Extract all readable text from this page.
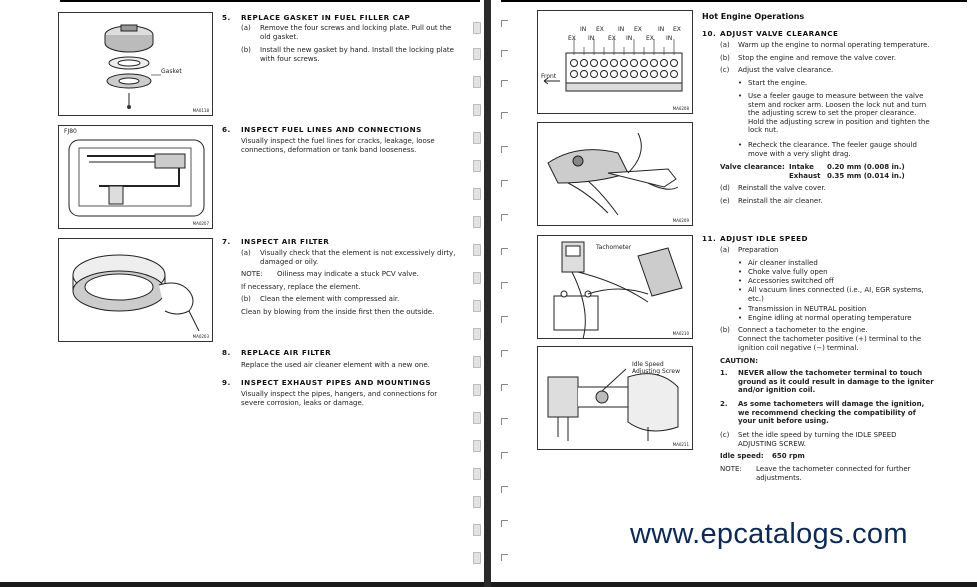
Gasket
MA0118
FJ80
MA0207
MA0203
5. REPLACE GASKET IN FUEL FILLER CAP
(a) Remove the four screws and locking plate. Pull out the old gasket.
(b) Install the new gasket by hand. Install the locking plate with four screws.
6. INSPECT FUEL LINES AND CONNECTIONS
Visually inspect the fuel lines for cracks, leakage, loose connections, deformation or tank band looseness.
7. INSPECT AIR FILTER
(a) Visually check that the element is not excessively dirty, damaged or oily.
NOTE: Oiliness may indicate a stuck PCV valve.
If necessary, replace the element.
(b) Clean the element with compressed air.
Clean by blowing from the inside first then the outside.
8. REPLACE AIR FILTER
Replace the used air cleaner element with a new one.
9. INSPECT EXHAUST PIPES AND MOUNTINGS
Visually inspect the pipes, hangers, and connections for severe corrosion, leaks or damage.
IN EX IN EX	IN EX
EX IN EX IN EX IN
Front
MA0208
MA0209
Tachometer
MA0210
Idle Speed Adjusting Screw
MA0211
Hot Engine Operations
10. ADJUST VALVE CLEARANCE
(a) Warm up the engine to normal operating temperature.
(b) Stop the engine and remove the valve cover.
(c) Adjust the valve clearance.
• Start the engine.
• Use a feeler gauge to measure between the valve stem and rocker arm. Loosen the lock nut and turn the adjusting screw to set the proper clearance. Hold the adjusting screw in position and tighten the lock nut.
• Recheck the clearance. The feeler gauge should move with a very slight drag.
Valve clearance: Intake 0.20 mm (0.008 in.)
Exhaust 0.35 mm (0.014 in.)
(d) Reinstall the valve cover.
(e) Reinstall the air cleaner.
11. ADJUST IDLE SPEED
(a) Preparation
• Air cleaner installed
• Choke valve fully open
• Accessories switched off
• All vacuum lines connected (i.e., AI, EGR systems, etc.)
• Transmission in NEUTRAL position
• Engine idling at normal operating temperature
(b) Connect a tachometer to the engine.
Connect the tachometer positive (+) terminal to the ignition coil negative (−) terminal.
CAUTION:
1. NEVER allow the tachometer terminal to touch ground as it could result in damage to the igniter and/or ignition coil.
2. As some tachometers will damage the ignition, we recommend checking the compatibility of your unit before using.
(c) Set the idle speed by turning the IDLE SPEED ADJUSTING SCREW.
Idle speed: 650 rpm
NOTE: Leave the tachometer connected for further adjustments.
www.epcatalogs.com
